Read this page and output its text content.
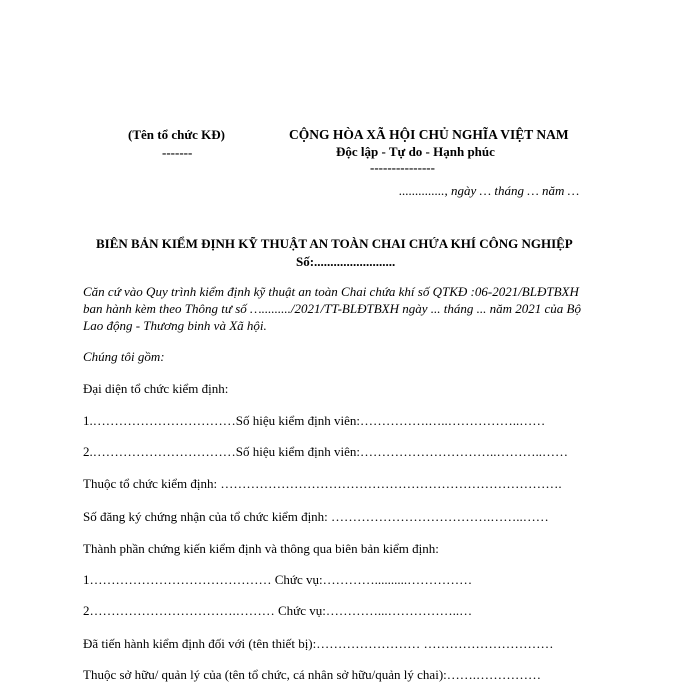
(Tên tổ chức KĐ)
-------
CỘNG HÒA XÃ HỘI CHỦ NGHĨA VIỆT NAM
Độc lập - Tự do - Hạnh phúc
---------------
.............., ngày … tháng … năm …
BIÊN BẢN KIỂM ĐỊNH KỸ THUẬT AN TOÀN CHAI CHỨA KHÍ CÔNG NGHIỆP
Số:.........................
Căn cứ vào Quy trình kiểm định kỹ thuật an toàn Chai chứa khí số QTKĐ :06-2021/BLĐTBXH
ban hành kèm theo Thông tư số …........./2021/TT-BLĐTBXH ngày ... tháng ... năm 2021 của Bộ
Lao động - Thương binh và Xã hội.
Chúng tôi gồm:
Đại diện tổ chức kiểm định:
1.……………………………Số hiệu kiểm định viên:…………….…..……………..……
2.……………………………Số hiệu kiểm định viên:…………………………..………..……
Thuộc tổ chức kiểm định: …………………………………………………………………….
Số đăng ký chứng nhận của tổ chức kiểm định: ……………………………….……..……
Thành phần chứng kiến kiểm định và thông qua biên bản kiểm định:
1…………………………………… Chức vụ:…………..........……………
2…………………………….……… Chức vụ:…………...……………..…
Đã tiến hành kiểm định đối với (tên thiết bị):…………………… …………………………
Thuộc sở hữu/ quản lý của (tên tổ chức, cá nhân sở hữu/quản lý chai):…….……………
